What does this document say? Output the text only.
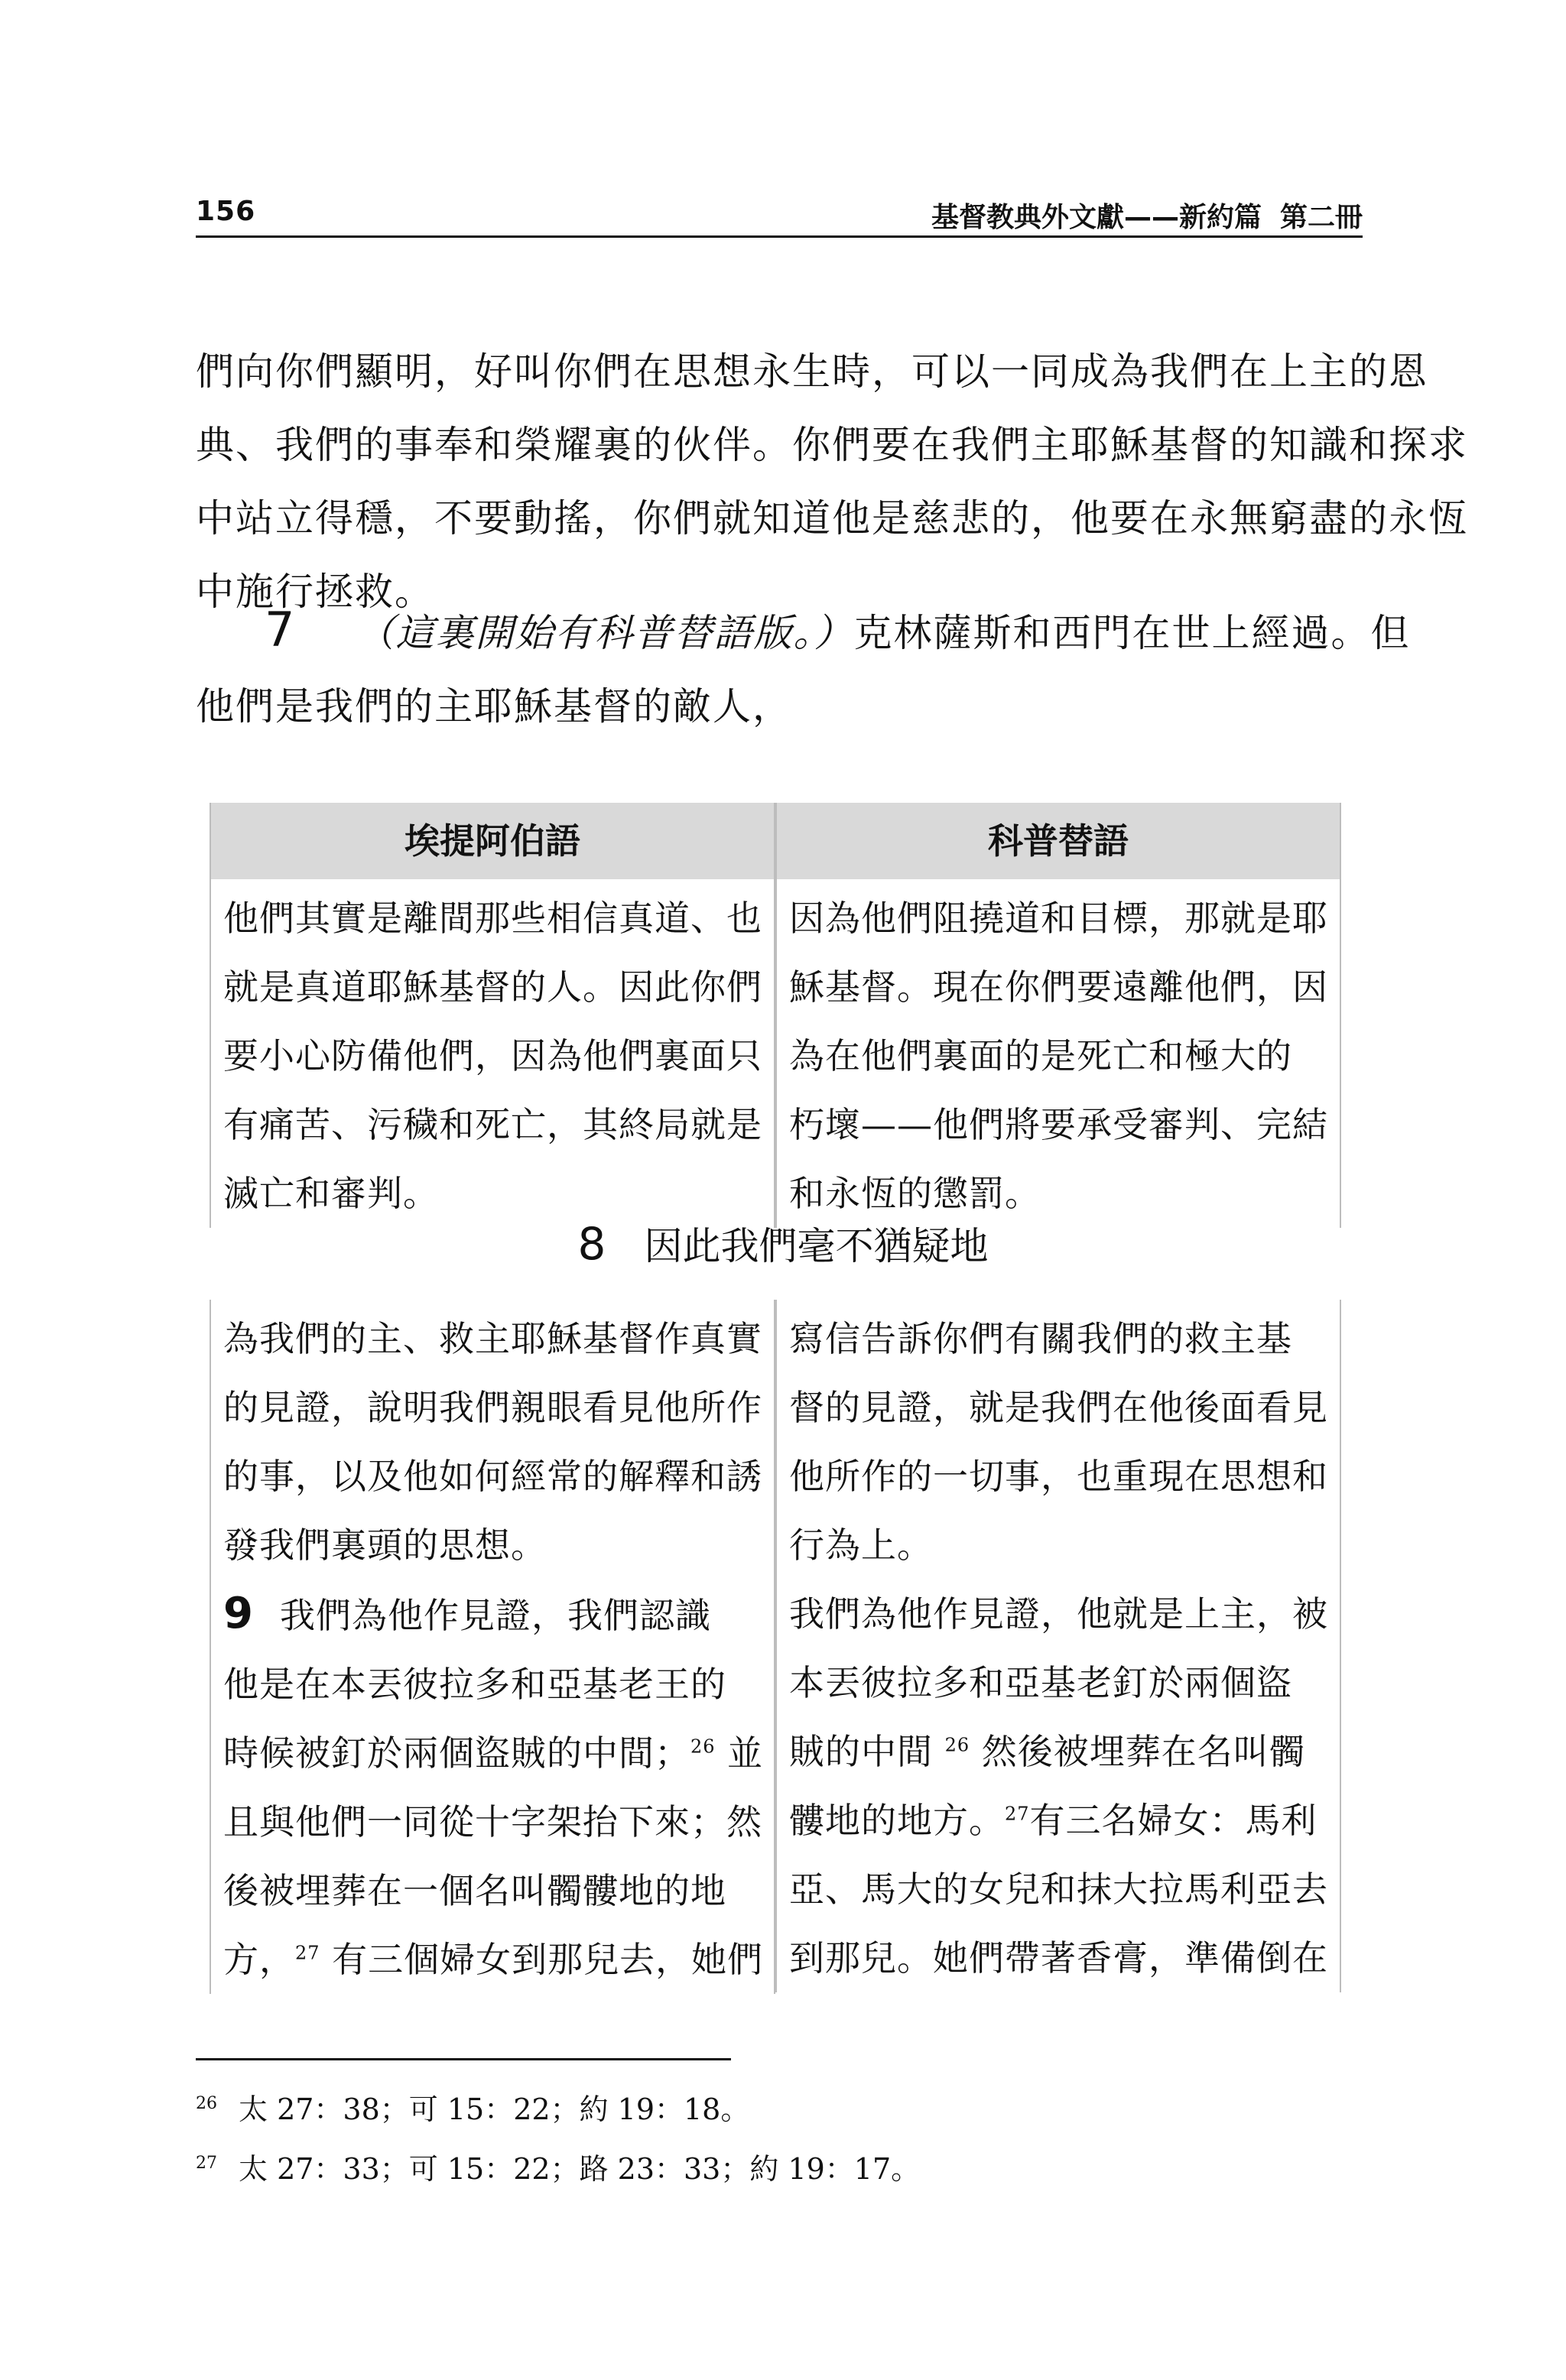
156	基督教典外文獻——新約篇 第二冊
們向你們顯明，好叫你們在思想永生時，可以一同成為我們在上主的恩
典、我們的事奉和榮耀裏的伙伴。你們要在我們主耶穌基督的知識和探求
中站立得穩，不要動搖，你們就知道他是慈悲的，他要在永無窮盡的永恆
中施行拯救。
7 （這裏開始有科普替語版。）克林薩斯和西門在世上經過。但
他們是我們的主耶穌基督的敵人，
埃提阿伯語
他們其實是離間那些相信真道、也
就是真道耶穌基督的人。因此你們
要小心防備他們，因為他們裏面只
有痛苦、污穢和死亡，其終局就是
滅亡和審判。
科普替語
因為他們阻撓道和目標，那就是耶
穌基督。現在你們要遠離他們，因
為在他們裏面的是死亡和極大的
朽壞——他們將要承受審判、完結
和永恆的懲罰。
8 因此我們毫不猶疑地
為我們的主、救主耶穌基督作真實
的見證，說明我們親眼看見他所作
的事，以及他如何經常的解釋和誘
發我們裏頭的思想。
9 我們為他作見證，我們認識
他是在本丟彼拉多和亞基老王的
時候被釘於兩個盜賊的中間；$^{26}$ 並
且與他們一同從十字架抬下來；然
後被埋葬在一個名叫髑髏地的地
方，$^{27}$ 有三個婦女到那兒去，她們
寫信告訴你們有關我們的救主基
督的見證，就是我們在他後面看見
他所作的一切事，也重現在思想和
行為上。
我們為他作見證，他就是上主，被
本丟彼拉多和亞基老釘於兩個盜
賊的中間 $^{26}$ 然後被埋葬在名叫髑
髏地的地方。$^{27}$有三名婦女：馬利
亞、馬大的女兒和抹大拉馬利亞去
到那兒。她們帶著香膏，準備倒在
26 太 27：38；可 15：22；約 19：18。
27 太 27：33；可 15：22；路 23：33；約 19：17。
